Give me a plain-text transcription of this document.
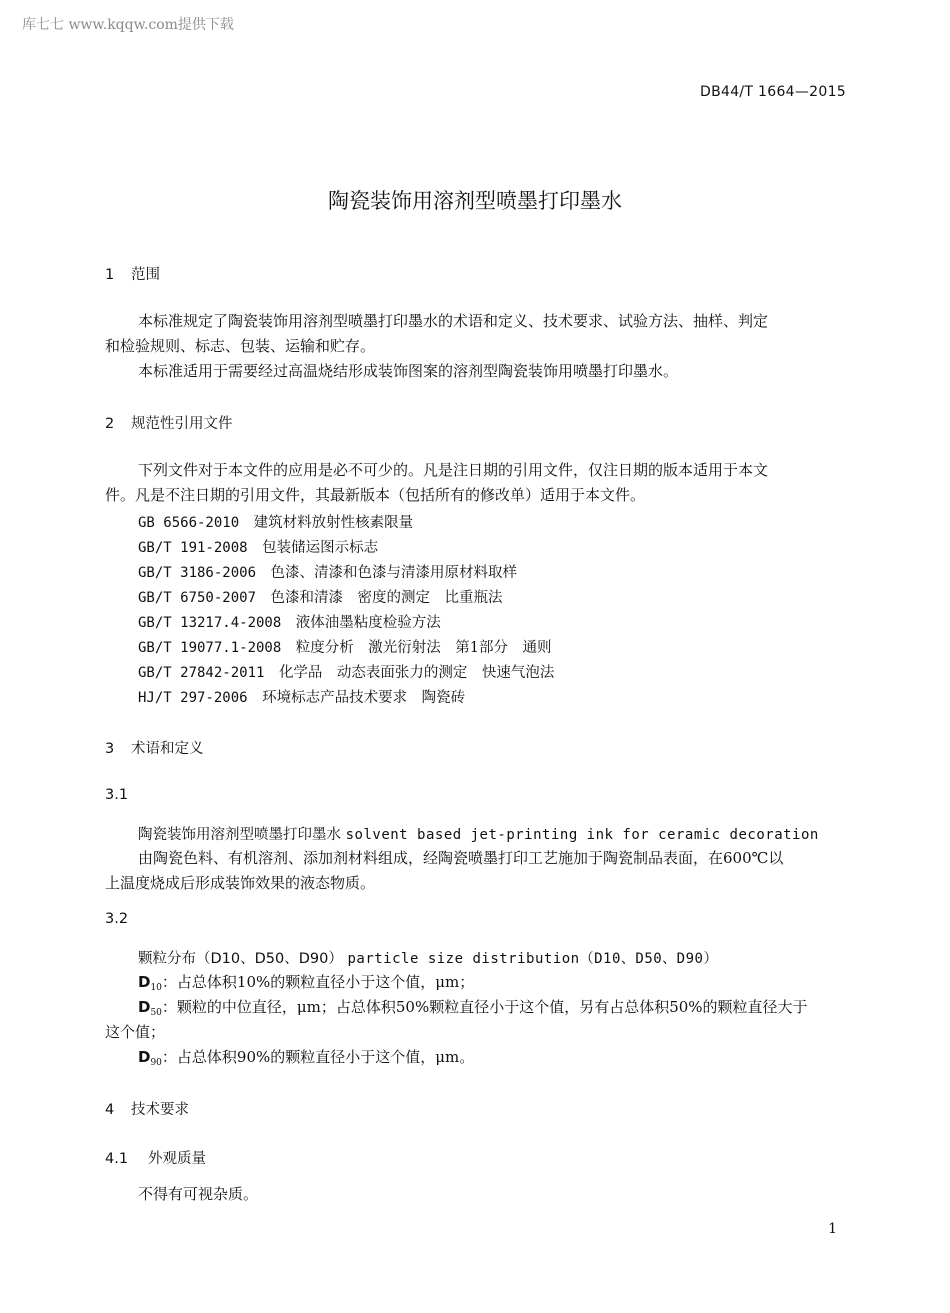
库七七 www.kqqw.com提供下载
DB44/T 1664—2015
陶瓷装饰用溶剂型喷墨打印墨水
1 范围
本标准规定了陶瓷装饰用溶剂型喷墨打印墨水的术语和定义、技术要求、试验方法、抽样、判定
和检验规则、标志、包装、运输和贮存。
本标准适用于需要经过高温烧结形成装饰图案的溶剂型陶瓷装饰用喷墨打印墨水。
2 规范性引用文件
下列文件对于本文件的应用是必不可少的。凡是注日期的引用文件，仅注日期的版本适用于本文
件。凡是不注日期的引用文件，其最新版本（包括所有的修改单）适用于本文件。
GB 6566-2010　 建筑材料放射性核素限量
GB/T 191-2008　 包装储运图示标志
GB/T 3186-2006　 色漆、清漆和色漆与清漆用原材料取样
GB/T 6750-2007　 色漆和清漆　密度的测定　比重瓶法
GB/T 13217.4-2008　 液体油墨粘度检验方法
GB/T 19077.1-2008　 粒度分析　激光衍射法　第1部分　通则
GB/T 27842-2011　 化学品　动态表面张力的测定　快速气泡法
HJ/T 297-2006　 环境标志产品技术要求　陶瓷砖
3 术语和定义
3.1
陶瓷装饰用溶剂型喷墨打印墨水 solvent based jet-printing ink for ceramic decoration
由陶瓷色料、有机溶剂、添加剂材料组成，经陶瓷喷墨打印工艺施加于陶瓷制品表面，在600℃以
上温度烧成后形成装饰效果的液态物质。
3.2
颗粒分布（D10、D50、D90） particle size distribution（D10、D50、D90）
$D_{10}$：占总体积10%的颗粒直径小于这个值，μm；
$D_{50}$：颗粒的中位直径，μm；占总体积50%颗粒直径小于这个值，另有占总体积50%的颗粒直径大于
这个值；
$D_{90}$：占总体积90%的颗粒直径小于这个值，μm。
4 技术要求
4.1 外观质量
不得有可视杂质。
1
